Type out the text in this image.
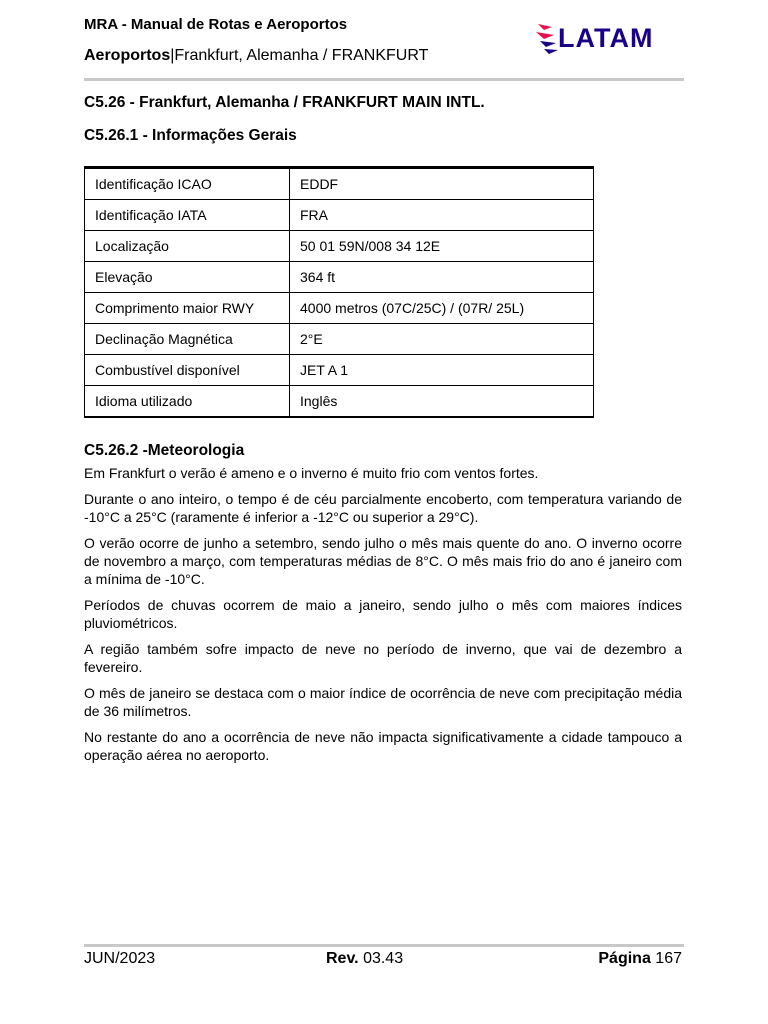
MRA - Manual de Rotas e Aeroportos
Aeroportos|Frankfurt, Alemanha / FRANKFURT
LATAM
C5.26 - Frankfurt, Alemanha / FRANKFURT MAIN INTL.
C5.26.1 - Informações Gerais
Identificação ICAO	EDDF
Identificação IATA	FRA
Localização	50 01 59N/008 34 12E
Elevação	364 ft
Comprimento maior RWY	4000 metros (07C/25C) / (07R/ 25L)
Declinação Magnética	2°E
Combustível disponível	JET A 1
Idioma utilizado	Inglês
C5.26.2 -Meteorologia

Em Frankfurt o verão é ameno e o inverno é muito frio com ventos fortes.

Durante o ano inteiro, o tempo é de céu parcialmente encoberto, com temperatura variando de -10°C a 25°C (raramente é inferior a -12°C ou superior a 29°C).

O verão ocorre de junho a setembro, sendo julho o mês mais quente do ano. O inverno ocorre de novembro a março, com temperaturas médias de 8°C. O mês mais frio do ano é janeiro com a mínima de -10°C.

Períodos de chuvas ocorrem de maio a janeiro, sendo julho o mês com maiores índices pluviométricos.

A região também sofre impacto de neve no período de inverno, que vai de dezembro a fevereiro.

O mês de janeiro se destaca com o maior índice de ocorrência de neve com precipitação média de 36 milímetros.

No restante do ano a ocorrência de neve não impacta significativamente a cidade tampouco a operação aérea no aeroporto.

JUN/2023	Rev. 03.43	Página 167
